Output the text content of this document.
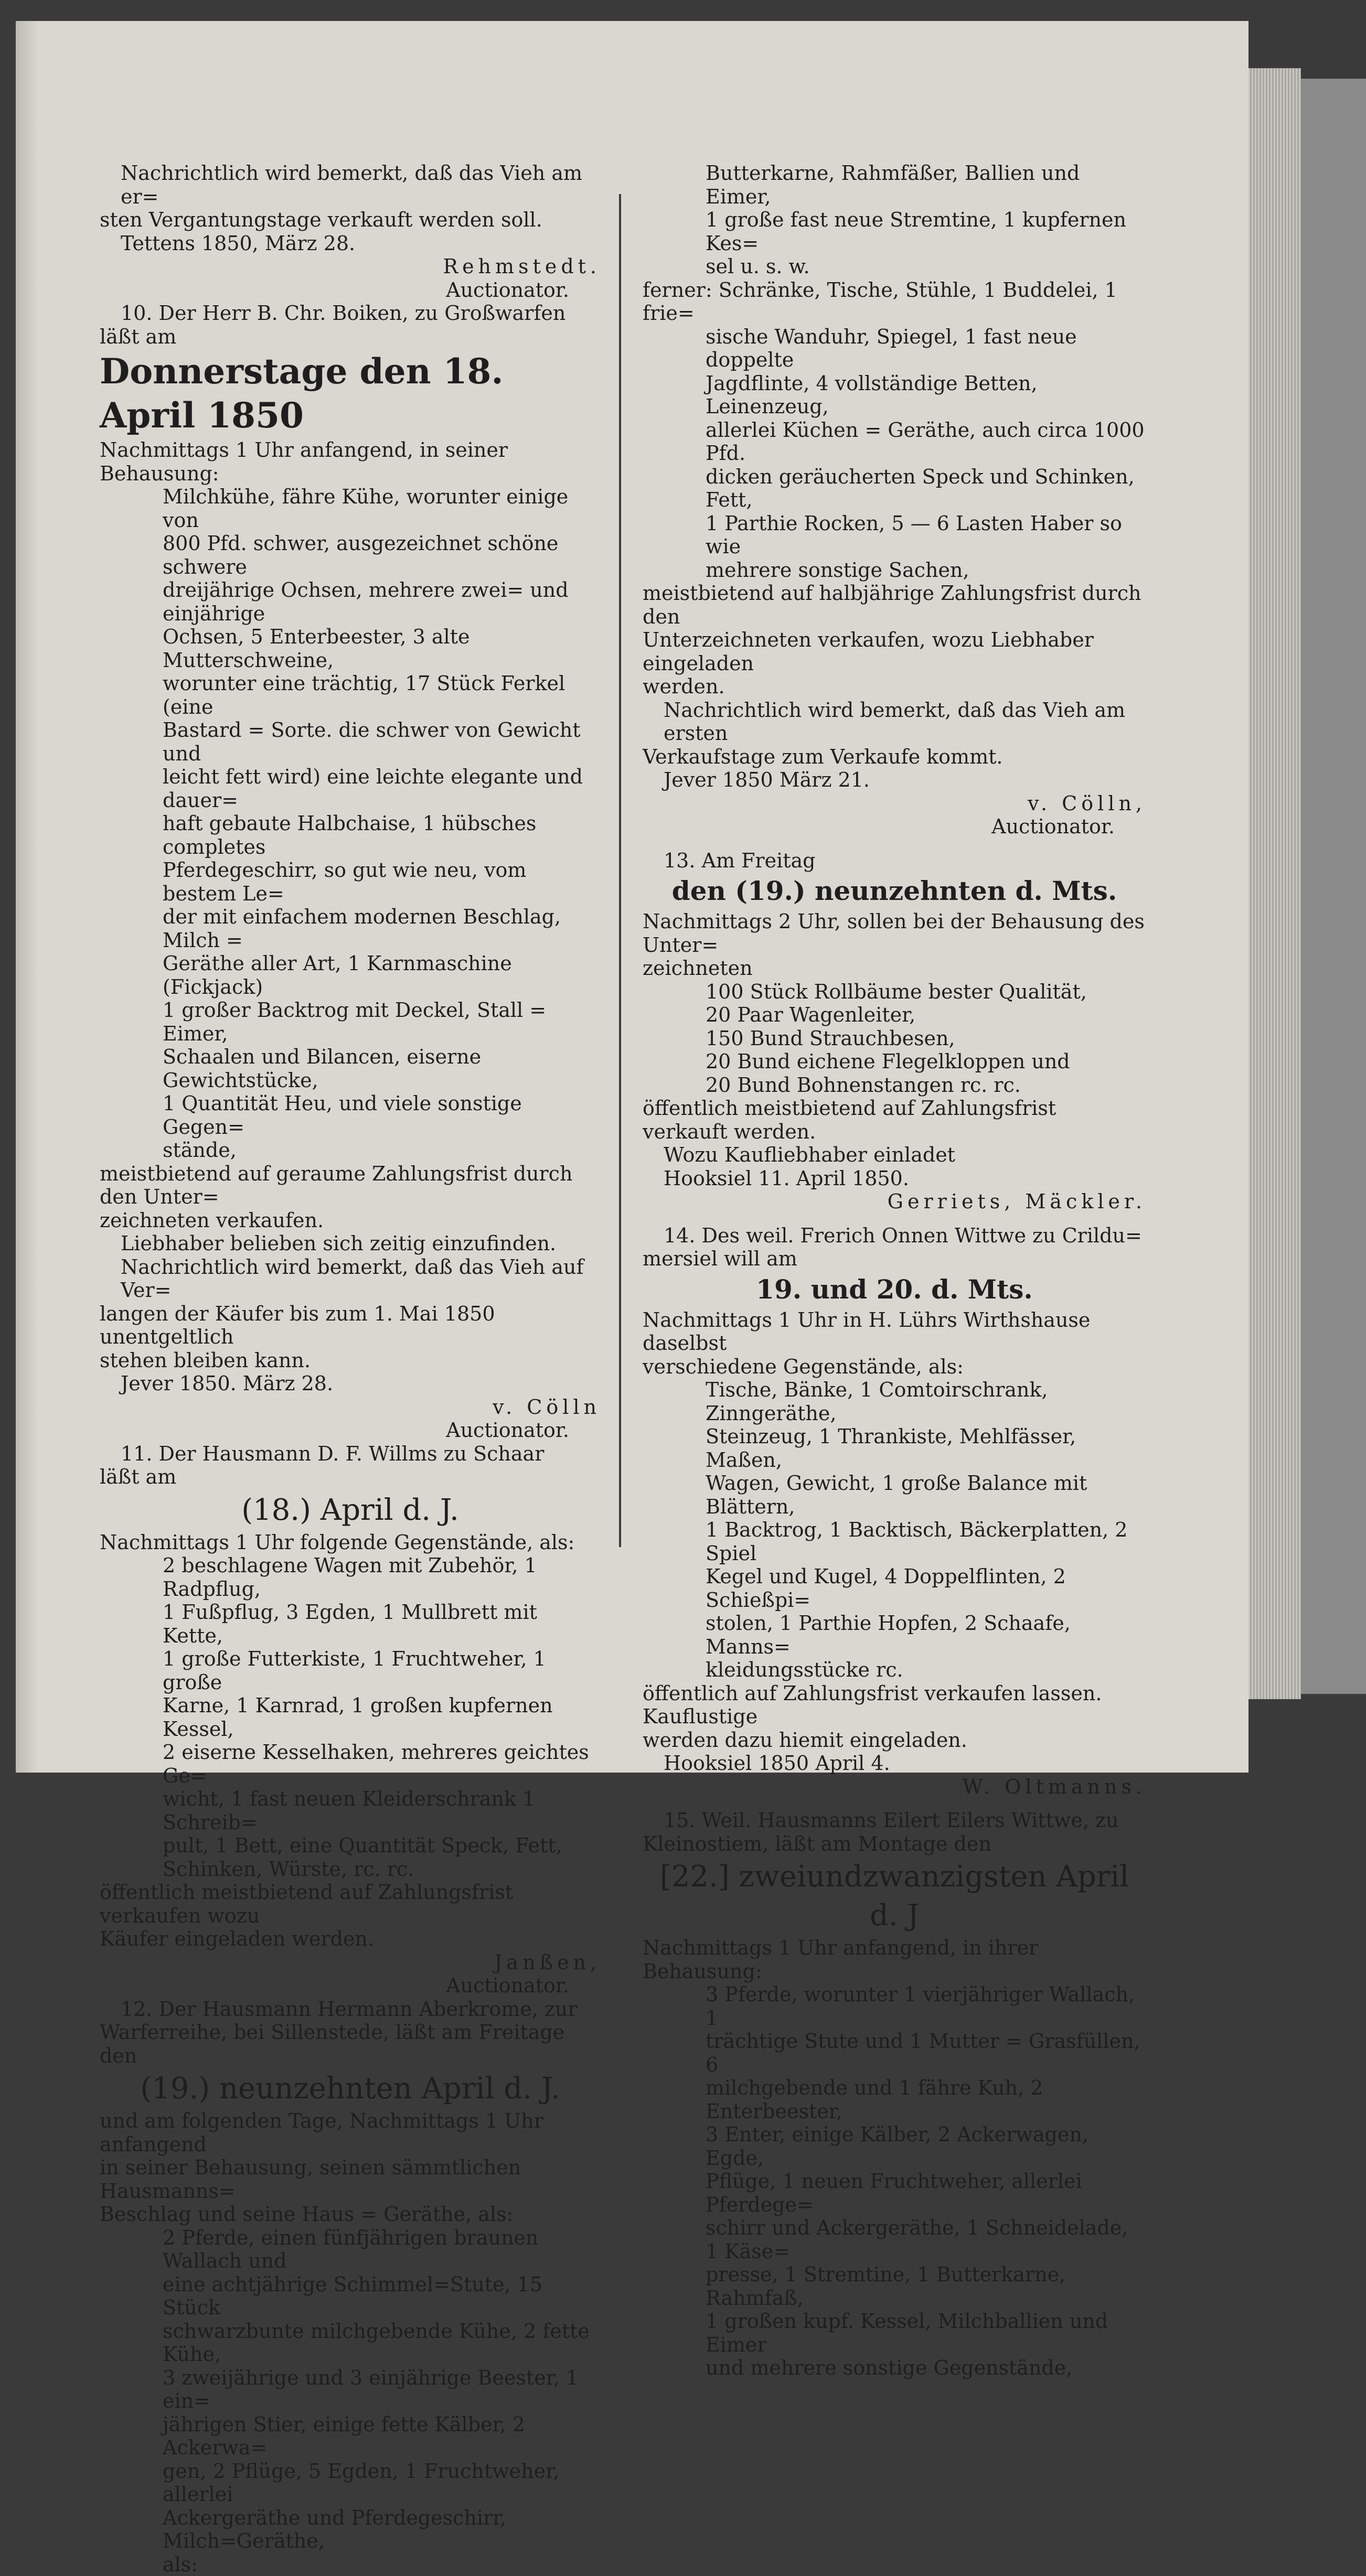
Nachrichtlich wird bemerkt, daß das Vieh am er=

sten Vergantungstage verkauft werden soll.

Tettens 1850, März 28.

Rehmstedt.

Auctionator.

10. Der Herr B. Chr. Boiken, zu Großwarfen

läßt am

Donnerstage den 18. April 1850

Nachmittags 1 Uhr anfangend, in seiner Behausung:

Milchkühe, fähre Kühe, worunter einige von

800 Pfd. schwer, ausgezeichnet schöne schwere

dreijährige Ochsen, mehrere zwei= und einjährige

Ochsen, 5 Enterbeester, 3 alte Mutterschweine,

worunter eine trächtig, 17 Stück Ferkel (eine

Bastard = Sorte. die schwer von Gewicht und

leicht fett wird) eine leichte elegante und dauer=

haft gebaute Halbchaise, 1 hübsches completes

Pferdegeschirr, so gut wie neu, vom bestem Le=

der mit einfachem modernen Beschlag, Milch =

Geräthe aller Art, 1 Karnmaschine (Fickjack)

1 großer Backtrog mit Deckel, Stall = Eimer,

Schaalen und Bilancen, eiserne Gewichtstücke,

1 Quantität Heu, und viele sonstige Gegen=

stände,

meistbietend auf geraume Zahlungsfrist durch den Unter=

zeichneten verkaufen.

Liebhaber belieben sich zeitig einzufinden.

Nachrichtlich wird bemerkt, daß das Vieh auf Ver=

langen der Käufer bis zum 1. Mai 1850 unentgeltlich

stehen bleiben kann.

Jever 1850. März 28.

v. Cölln

Auctionator.

11. Der Hausmann D. F. Willms zu Schaar

läßt am

(18.) April d. J.

Nachmittags 1 Uhr folgende Gegenstände, als:

2 beschlagene Wagen mit Zubehör, 1 Radpflug,

1 Fußpflug, 3 Egden, 1 Mullbrett mit Kette,

1 große Futterkiste, 1 Fruchtweher, 1 große

Karne, 1 Karnrad, 1 großen kupfernen Kessel,

2 eiserne Kesselhaken, mehreres geichtes Ge=

wicht, 1 fast neuen Kleiderschrank 1 Schreib=

pult, 1 Bett, eine Quantität Speck, Fett,

Schinken, Würste, rc. rc.

öffentlich meistbietend auf Zahlungsfrist verkaufen wozu

Käufer eingeladen werden.

Janßen,

Auctionator.

12. Der Hausmann Hermann Aberkrome, zur

Warferreihe, bei Sillenstede, läßt am Freitage den

(19.) neunzehnten April d. J.

und am folgenden Tage, Nachmittags 1 Uhr anfangend

in seiner Behausung, seinen sämmtlichen Hausmanns=

Beschlag und seine Haus = Geräthe, als:

2 Pferde, einen fünfjährigen braunen Wallach und

eine achtjährige Schimmel=Stute, 15 Stück

schwarzbunte milchgebende Kühe, 2 fette Kühe,

3 zweijährige und 3 einjährige Beester, 1 ein=

jährigen Stier, einige fette Kälber, 2 Ackerwa=

gen, 2 Pflüge, 5 Egden, 1 Fruchtweher, allerlei

Ackergeräthe und Pferdegeschirr, Milch=Geräthe,

als:

Butterkarne, Rahmfäßer, Ballien und Eimer,

1 große fast neue Stremtine, 1 kupfernen Kes=

sel u. s. w.

ferner: Schränke, Tische, Stühle, 1 Buddelei, 1 frie=

sische Wanduhr, Spiegel, 1 fast neue doppelte

Jagdflinte, 4 vollständige Betten, Leinenzeug,

allerlei Küchen = Geräthe, auch circa 1000 Pfd.

dicken geräucherten Speck und Schinken, Fett,

1 Parthie Rocken, 5 — 6 Lasten Haber so wie

mehrere sonstige Sachen,

meistbietend auf halbjährige Zahlungsfrist durch den

Unterzeichneten verkaufen, wozu Liebhaber eingeladen

werden.

Nachrichtlich wird bemerkt, daß das Vieh am ersten

Verkaufstage zum Verkaufe kommt.

Jever 1850 März 21.

v. Cölln,

Auctionator.

13. Am Freitag

den (19.) neunzehnten d. Mts.

Nachmittags 2 Uhr, sollen bei der Behausung des Unter=

zeichneten

100 Stück Rollbäume bester Qualität,

20 Paar Wagenleiter,

150 Bund Strauchbesen,

20 Bund eichene Flegelkloppen und

20 Bund Bohnenstangen rc. rc.

öffentlich meistbietend auf Zahlungsfrist verkauft werden.

Wozu Kaufliebhaber einladet

Hooksiel 11. April 1850.

Gerriets, Mäckler.

14. Des weil. Frerich Onnen Wittwe zu Crildu=

mersiel will am

19. und 20. d. Mts.

Nachmittags 1 Uhr in H. Lührs Wirthshause daselbst

verschiedene Gegenstände, als:

Tische, Bänke, 1 Comtoirschrank, Zinngeräthe,

Steinzeug, 1 Thrankiste, Mehlfässer, Maßen,

Wagen, Gewicht, 1 große Balance mit Blättern,

1 Backtrog, 1 Backtisch, Bäckerplatten, 2 Spiel

Kegel und Kugel, 4 Doppelflinten, 2 Schießpi=

stolen, 1 Parthie Hopfen, 2 Schaafe, Manns=

kleidungsstücke rc.

öffentlich auf Zahlungsfrist verkaufen lassen. Kauflustige

werden dazu hiemit eingeladen.

Hooksiel 1850 April 4.

W. Oltmanns.

15. Weil. Hausmanns Eilert Eilers Wittwe, zu

Kleinostiem, läßt am Montage den

[22.] zweiundzwanzigsten April d. J

Nachmittags 1 Uhr anfangend, in ihrer Behausung:

3 Pferde, worunter 1 vierjähriger Wallach, 1

trächtige Stute und 1 Mutter = Grasfüllen, 6

milchgebende und 1 fähre Kuh, 2 Enterbeester,

3 Enter, einige Kälber, 2 Ackerwagen, Egde,

Pflüge, 1 neuen Fruchtweher, allerlei Pferdege=

schirr und Ackergeräthe, 1 Schneidelade, 1 Käse=

presse, 1 Stremtine, 1 Butterkarne, Rahmfaß,

1 großen kupf. Kessel, Milchballien und Eimer

und mehrere sonstige Gegenstände,
